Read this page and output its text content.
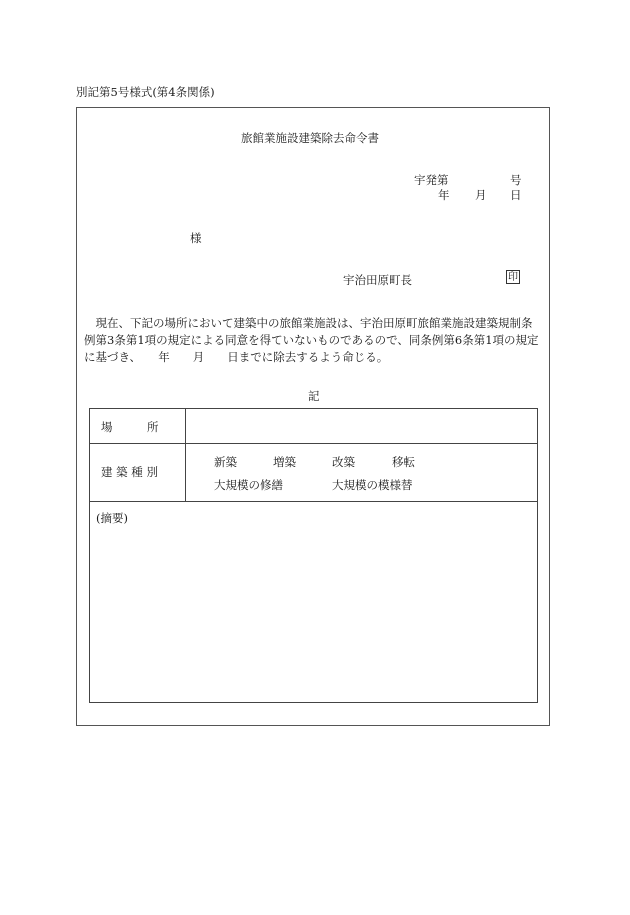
別記第5号様式(第4条関係)
旅館業施設建築除去命令書
宇発第	号
年 月 日
様
宇治田原町長	印
　現在、下記の場所において建築中の旅館業施設は、宇治田原町旅館業施設建築規制条
例第3条第1項の規定による同意を得ていないものであるので、同条例第6条第1項の規定
に基づき、　　年　　月　　日までに除去するよう命じる。
記
場　　　所
建 築 種 別
新築	増築	改築	移転
大規模の修繕	大規模の模様替
(摘要)
